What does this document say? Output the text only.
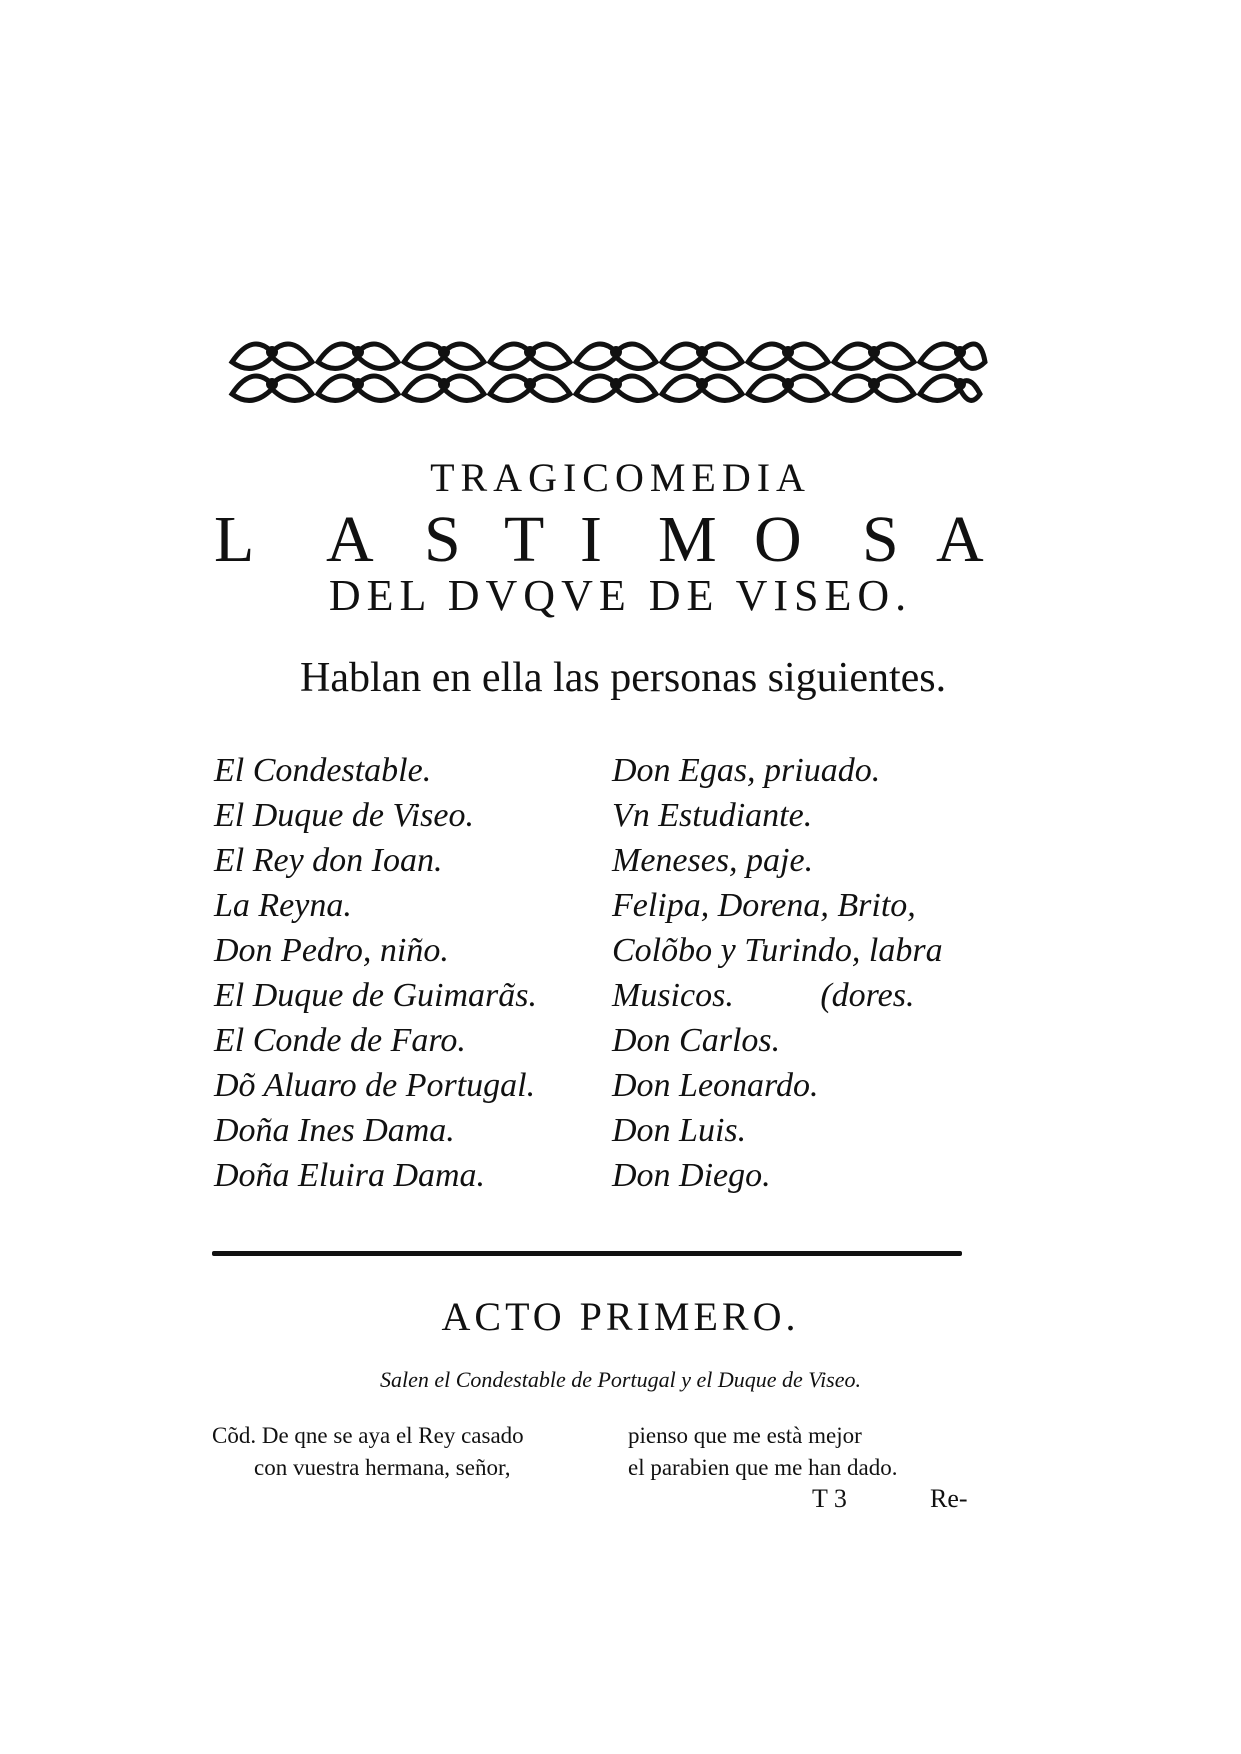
TRAGICOMEDIA
L A S T I M O S A
DEL DVQVE DE VISEO.
Hablan en ella las personas siguientes.
El Condestable.
El Duque de Viseo.
El Rey don Ioan.
La Reyna.
Don Pedro, niño.
El Duque de Guimarãs.
El Conde de Faro.
Dõ Aluaro de Portugal.
Doña Ines Dama.
Doña Eluira Dama.
Don Egas, priuado.
Vn Estudiante.
Meneses, paje.
Felipa, Dorena, Brito,
Colõbo y Turindo, labra
Musicos.	(dores.
Don Carlos.
Don Leonardo.
Don Luis.
Don Diego.
ACTO PRIMERO.
Salen el Condestable de Portugal y el Duque de Viseo.
Cõd. De qne se aya el Rey casado
con vuestra hermana, señor,
pienso que me està mejor
el parabien que me han dado.
T 3	Re-
